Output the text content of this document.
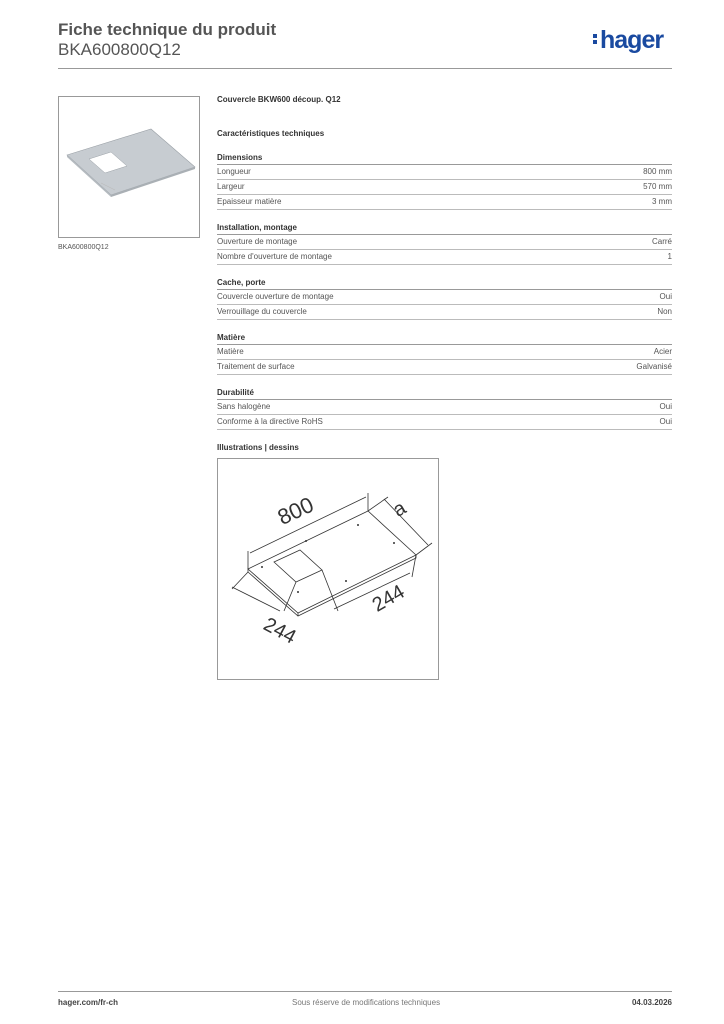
Fiche technique du produit
BKA600800Q12	hager
BKA600800Q12
Couvercle BKW600 découp. Q12
Caractéristiques techniques
Dimensions
Longueur	800 mm
Largeur	570 mm
Epaisseur matière	3 mm
Installation, montage
Ouverture de montage	Carré
Nombre d'ouverture de montage	1
Cache, porte
Couvercle ouverture de montage	Oui
Verrouillage du couvercle	Non
Matière
Matière	Acier
Traitement de surface	Galvanisé
Durabilité
Sans halogène	Oui
Conforme à la directive RoHS	Oui
Illustrations | dessins
800	a
244
244
hager.com/fr-ch	Sous réserve de modifications techniques	04.03.2026
